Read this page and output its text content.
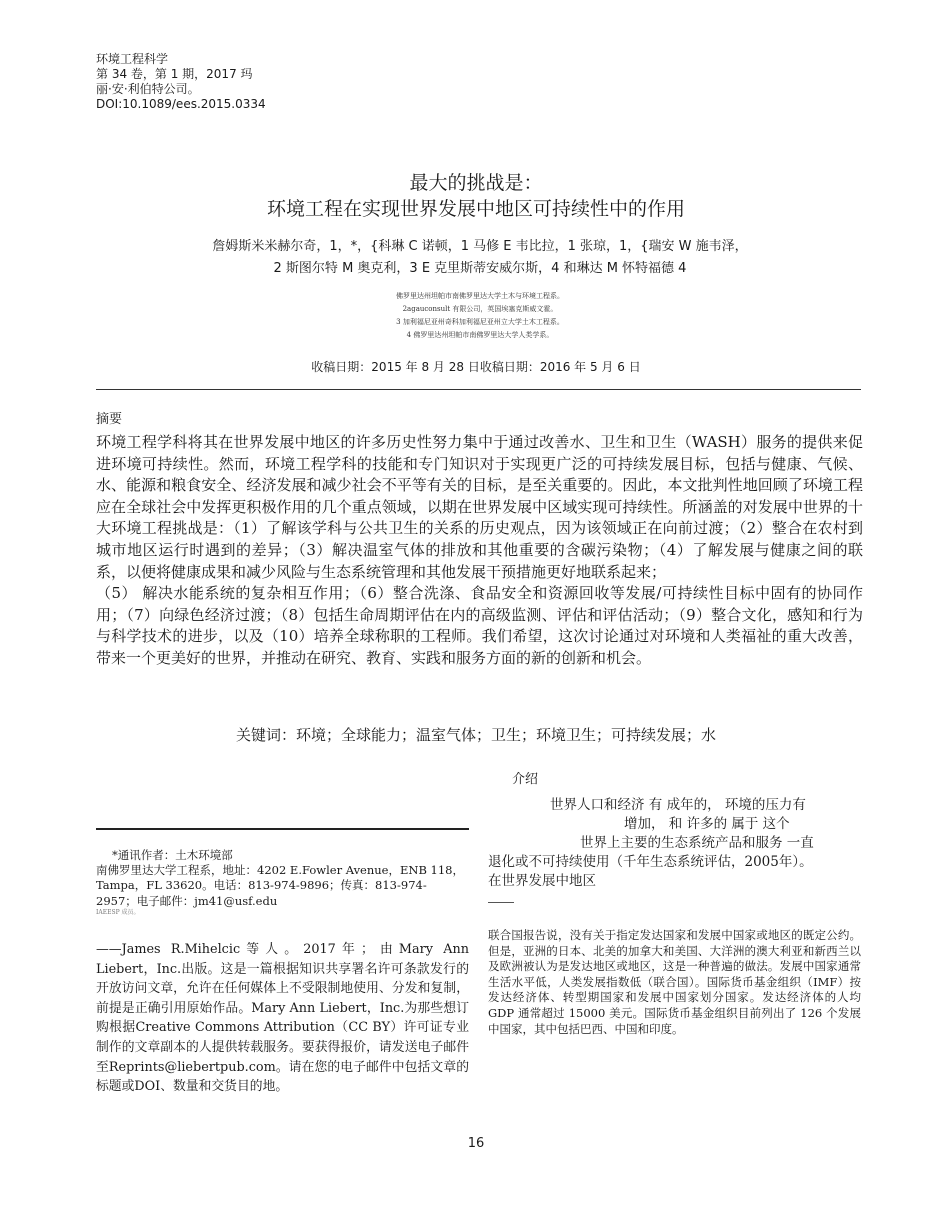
环境工程科学
第 34 卷，第 1 期，2017 玛
丽·安·利伯特公司。
DOI:10.1089/ees.2015.0334
最大的挑战是：
环境工程在实现世界发展中地区可持续性中的作用
詹姆斯米米赫尔奇，1，*，{科琳 C 诺顿，1 马修 E 韦比拉，1 张琼，1，{瑞安 W 施韦泽，
2 斯图尔特 M 奥克利，3 E 克里斯蒂安威尔斯，4 和琳达 M 怀特福德 4
佛罗里达州坦帕市南佛罗里达大学土木与环境工程系。
2agauconsult 有限公司，英国埃塞克斯威文霍。
3 加利福尼亚州奇科加利福尼亚州立大学土木工程系。
4 佛罗里达州坦帕市南佛罗里达大学人类学系。
收稿日期：2015 年 8 月 28 日收稿日期：2016 年 5 月 6 日
摘要
环境工程学科将其在世界发展中地区的许多历史性努力集中于通过改善水、卫生和卫生（WASH）服务的提供来促进环境可持续性。然而，环境工程学科的技能和专门知识对于实现更广泛的可持续发展目标，包括与健康、气候、水、能源和粮食安全、经济发展和减少社会不平等有关的目标，是至关重要的。因此，本文批判性地回顾了环境工程应在全球社会中发挥更积极作用的几个重点领域，以期在世界发展中区域实现可持续性。所涵盖的对发展中世界的十大环境工程挑战是：（1）了解该学科与公共卫生的关系的历史观点，因为该领域正在向前过渡；（2）整合在农村到城市地区运行时遇到的差异；（3）解决温室气体的排放和其他重要的含碳污染物；（4）了解发展与健康之间的联系，以便将健康成果和减少风险与生态系统管理和其他发展干预措施更好地联系起来；
（5） 解决水能系统的复杂相互作用；（6）整合洗涤、食品安全和资源回收等发展/可持续性目标中固有的协同作用；（7）向绿色经济过渡；（8）包括生命周期评估在内的高级监测、评估和评估活动；（9）整合文化，感知和行为与科学技术的进步，以及（10）培养全球称职的工程师。我们希望，这次讨论通过对环境和人类福祉的重大改善，带来一个更美好的世界，并推动在研究、教育、实践和服务方面的新的创新和机会。
关键词：环境；全球能力；温室气体；卫生；环境卫生；可持续发展；水
介绍
世界人口和经济 有 成年的， 环境的压力有
增加， 和 许多的 属于 这个
世界上主要的生态系统产品和服务 一直
退化或不可持续使用（千年生态系统评估，2005年）。
在世界发展中地区
联合国报告说，没有关于指定发达国家和发展中国家或地区的既定公约。但是，亚洲的日本、北美的加拿大和美国、大洋洲的澳大利亚和新西兰以及欧洲被认为是发达地区或地区，这是一种普遍的做法。发展中国家通常生活水平低，人类发展指数低（联合国）。国际货币基金组织（IMF）按发达经济体、转型期国家和发展中国家划分国家。发达经济体的人均 GDP 通常超过 15000 美元。国际货币基金组织目前列出了 126 个发展中国家，其中包括巴西、中国和印度。
*通讯作者：土木环境部
南佛罗里达大学工程系，地址：4202 E.Fowler Avenue，ENB 118，Tampa，FL 33620。电话：813-974-9896；传真：813-974-
2957；电子邮件：jm41@usf.edu
IAEESP 成员。
——James R.Mihelcic等人。2017年；由Mary Ann Liebert，Inc.出版。这是一篇根据知识共享署名许可条款发行的开放访问文章，允许在任何媒体上不受限制地使用、分发和复制，前提是正确引用原始作品。Mary Ann Liebert，Inc.为那些想订购根据Creative Commons Attribution（CC BY）许可证专业制作的文章副本的人提供转载服务。要获得报价，请发送电子邮件至Reprints@liebertpub.com。请在您的电子邮件中包括文章的标题或DOI、数量和交货目的地。
16
